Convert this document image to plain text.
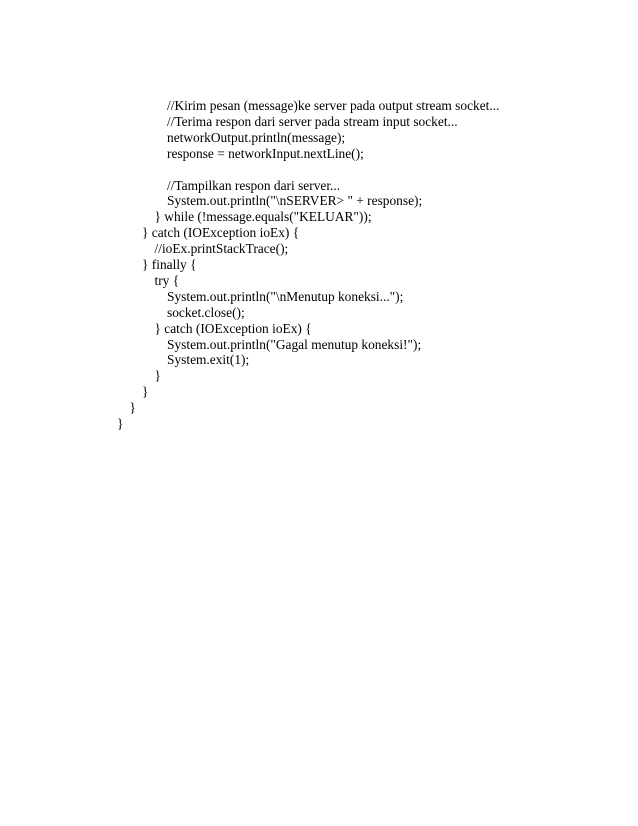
//Kirim pesan (message)ke server pada output stream socket...
//Terima respon dari server pada stream input socket...
networkOutput.println(message);
response = networkInput.nextLine();
//Tampilkan respon dari server...
System.out.println("\nSERVER> " + response);
} while (!message.equals("KELUAR"));
} catch (IOException ioEx) {
//ioEx.printStackTrace();
} finally {
try {
System.out.println("\nMenutup koneksi...");
socket.close();
} catch (IOException ioEx) {
System.out.println("Gagal menutup koneksi!");
System.exit(1);
}
}
}
}
